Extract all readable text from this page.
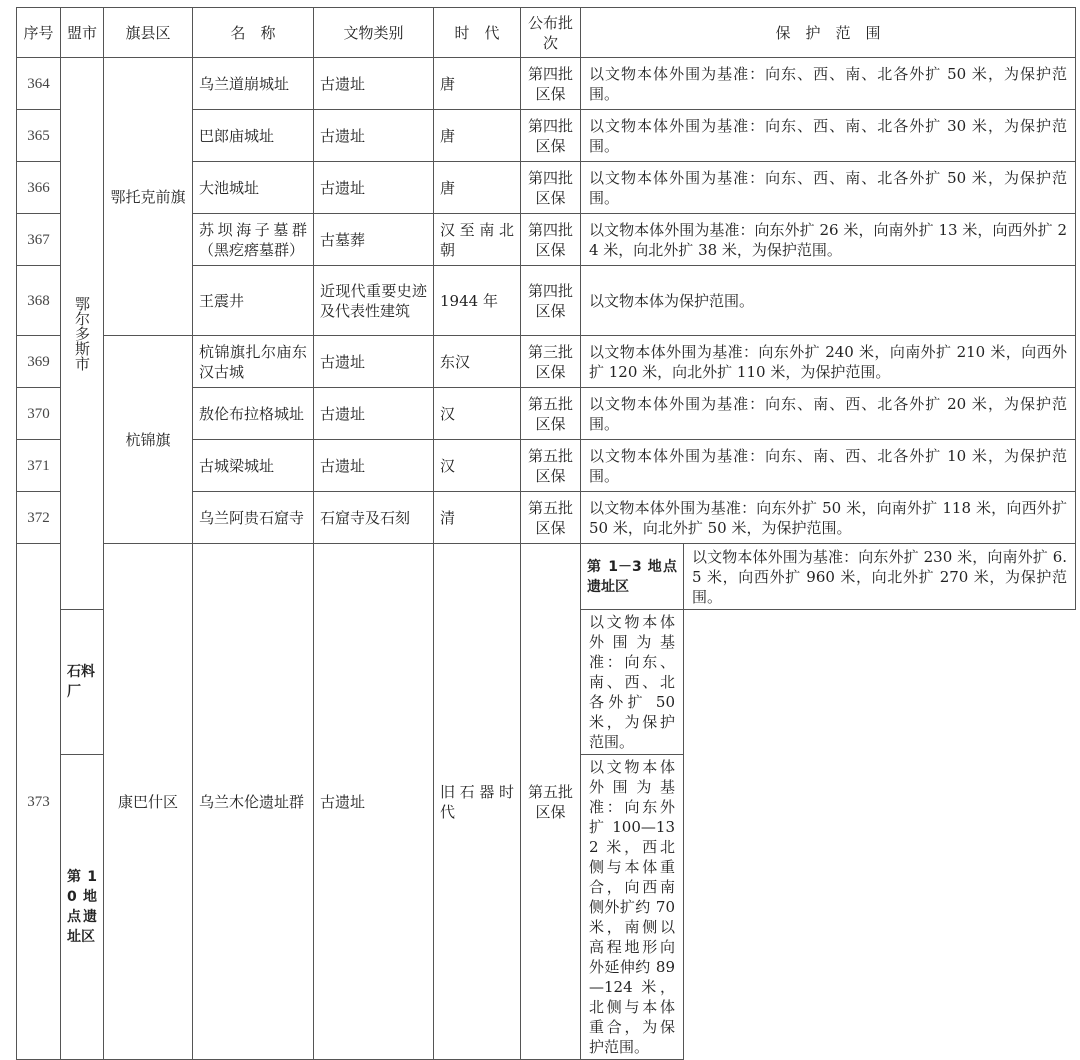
序号	盟市	旗县区	名　称	文物类别	时　代	公布批次	保　护　范　围	
364	鄂尔多斯市	鄂托克前旗	乌兰道崩城址	古遗址	唐	第四批区保	以文物本体外围为基准：向东、西、南、北各外扩 50 米，为保护范围。	
365			巴郎庙城址	古遗址	唐	第四批区保	以文物本体外围为基准：向东、西、南、北各外扩 30 米，为保护范围。	
366			大池城址	古遗址	唐	第四批区保	以文物本体外围为基准：向东、西、南、北各外扩 50 米，为保护范围。	
367			苏坝海子墓群（黑疙瘩墓群）	古墓葬	汉至南北朝	第四批区保	以文物本体外围为基准：向东外扩 26 米，向南外扩 13 米，向西外扩 24 米，向北外扩 38 米，为保护范围。	
368			王震井	近现代重要史迹及代表性建筑	1944 年	第四批区保	以文物本体为保护范围。	
369		杭锦旗	杭锦旗扎尔庙东汉古城	古遗址	东汉	第三批区保	以文物本体外围为基准：向东外扩 240 米，向南外扩 210 米，向西外扩 120 米，向北外扩 110 米，为保护范围。	
370			敖伦布拉格城址	古遗址	汉	第五批区保	以文物本体外围为基准：向东、南、西、北各外扩 20 米，为保护范围。	
371			古城梁城址	古遗址	汉	第五批区保	以文物本体外围为基准：向东、南、西、北各外扩 10 米，为保护范围。	
372			乌兰阿贵石窟寺	石窟寺及石刻	清	第五批区保	以文物本体外围为基准：向东外扩 50 米，向南外扩 118 米，向西外扩 50 米，向北外扩 50 米，为保护范围。	
373		康巴什区	乌兰木伦遗址群	古遗址	旧石器时代	第五批区保	第 1－3 地点遗址区	以文物本体外围为基准：向东外扩 230 米，向南外扩 6.5 米，向西外扩 960 米，向北外扩 270 米，为保护范围。
	石料厂						以文物本体外围为基准：向东、南、西、北各外扩 50 米，为保护范围。	
	第 10 地点遗址区						以文物本体外围为基准：向东外扩 100—132 米，西北侧与本体重合，向西南侧外扩约 70 米，南侧以高程地形向外延伸约 89—124 米，北侧与本体重合，为保护范围。	
